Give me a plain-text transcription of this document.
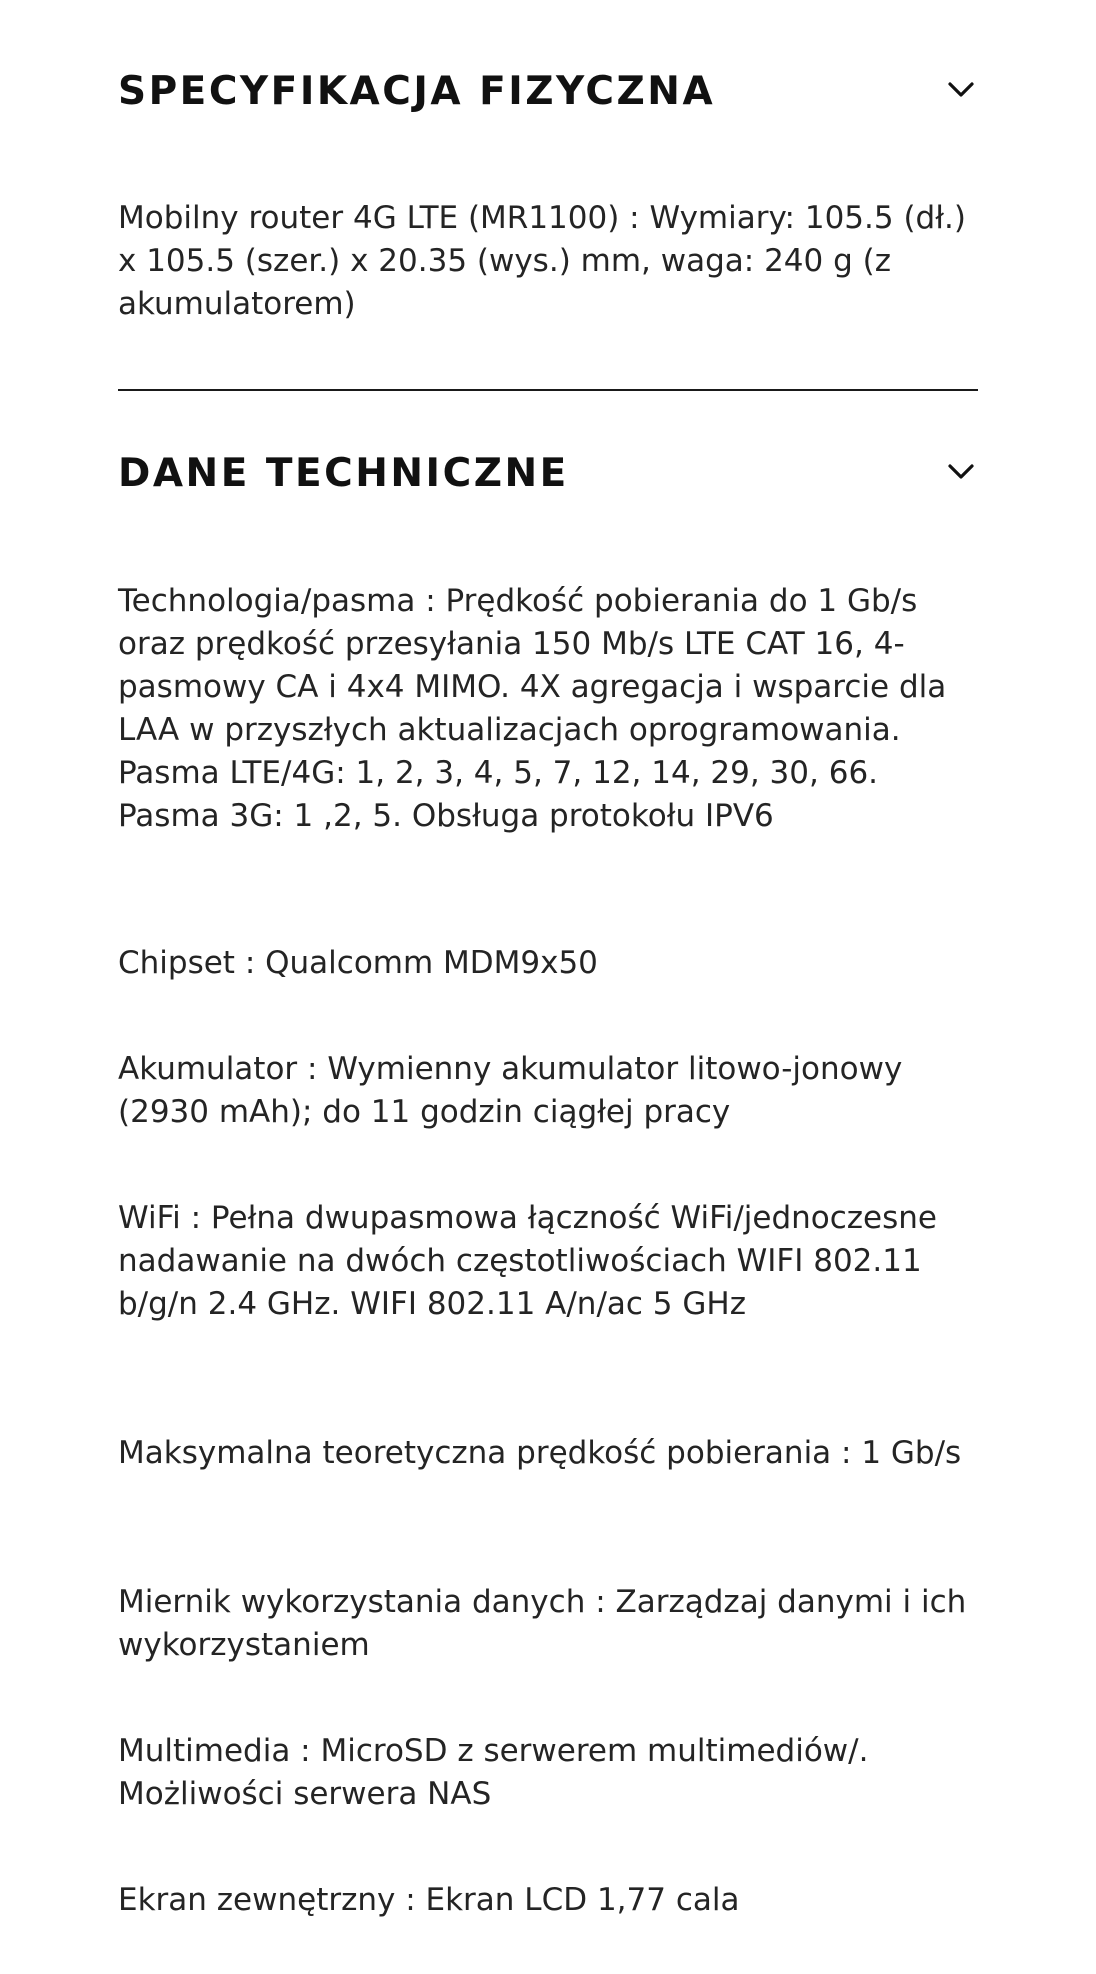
SPECYFIKACJA FIZYCZNA

Mobilny router 4G LTE (MR1100) : Wymiary: 105.5 (dł.) x 105.5 (szer.) x 20.35 (wys.) mm, waga: 240 g (z akumulatorem)

DANE TECHNICZNE

Technologia/pasma : Prędkość pobierania do 1 Gb/s oraz prędkość przesyłania 150 Mb/s LTE CAT 16, 4-pasmowy CA i 4x4 MIMO. 4X agregacja i wsparcie dla LAA w przyszłych aktualizacjach oprogramowania. Pasma LTE/4G: 1, 2, 3, 4, 5, 7, 12, 14, 29, 30, 66. Pasma 3G: 1 ,2, 5. Obsługa protokołu IPV6

Chipset : Qualcomm MDM9x50

Akumulator : Wymienny akumulator litowo-jonowy (2930 mAh); do 11 godzin ciągłej pracy

WiFi : Pełna dwupasmowa łączność WiFi/jednoczesne nadawanie na dwóch częstotliwościach WIFI 802.11 b/g/n 2.4 GHz. WIFI 802.11 A/n/ac 5 GHz

Maksymalna teoretyczna prędkość pobierania : 1 Gb/s

Miernik wykorzystania danych : Zarządzaj danymi i ich wykorzystaniem

Multimedia : MicroSD z serwerem multimediów/. Możliwości serwera NAS

Ekran zewnętrzny : Ekran LCD 1,77 cala
